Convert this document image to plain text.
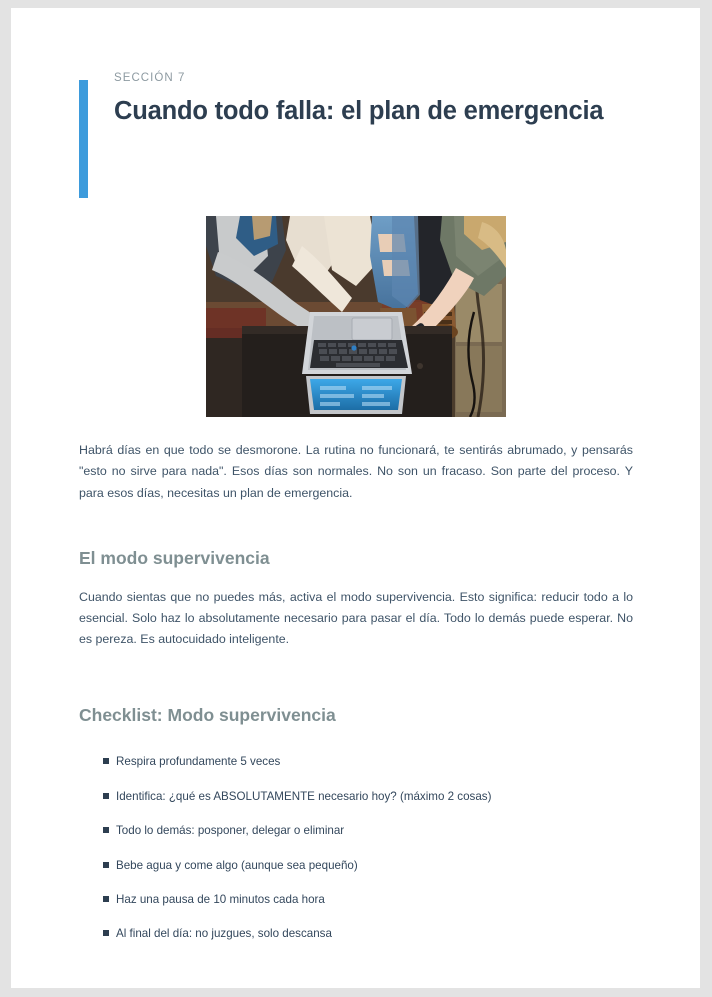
SECCIÓN 7

Cuando todo falla: el plan de emergencia

Habrá días en que todo se desmorone. La rutina no funcionará, te sentirás abrumado, y pensarás "esto no sirve para nada". Esos días son normales. No son un fracaso. Son parte del proceso. Y para esos días, necesitas un plan de emergencia.

El modo supervivencia

Cuando sientas que no puedes más, activa el modo supervivencia. Esto significa: reducir todo a lo esencial. Solo haz lo absolutamente necesario para pasar el día. Todo lo demás puede esperar. No es pereza. Es autocuidado inteligente.

Checklist: Modo supervivencia
Respira profundamente 5 veces
Identifica: ¿qué es ABSOLUTAMENTE necesario hoy? (máximo 2 cosas)
Todo lo demás: posponer, delegar o eliminar
Bebe agua y come algo (aunque sea pequeño)
Haz una pausa de 10 minutos cada hora
Al final del día: no juzgues, solo descansa
